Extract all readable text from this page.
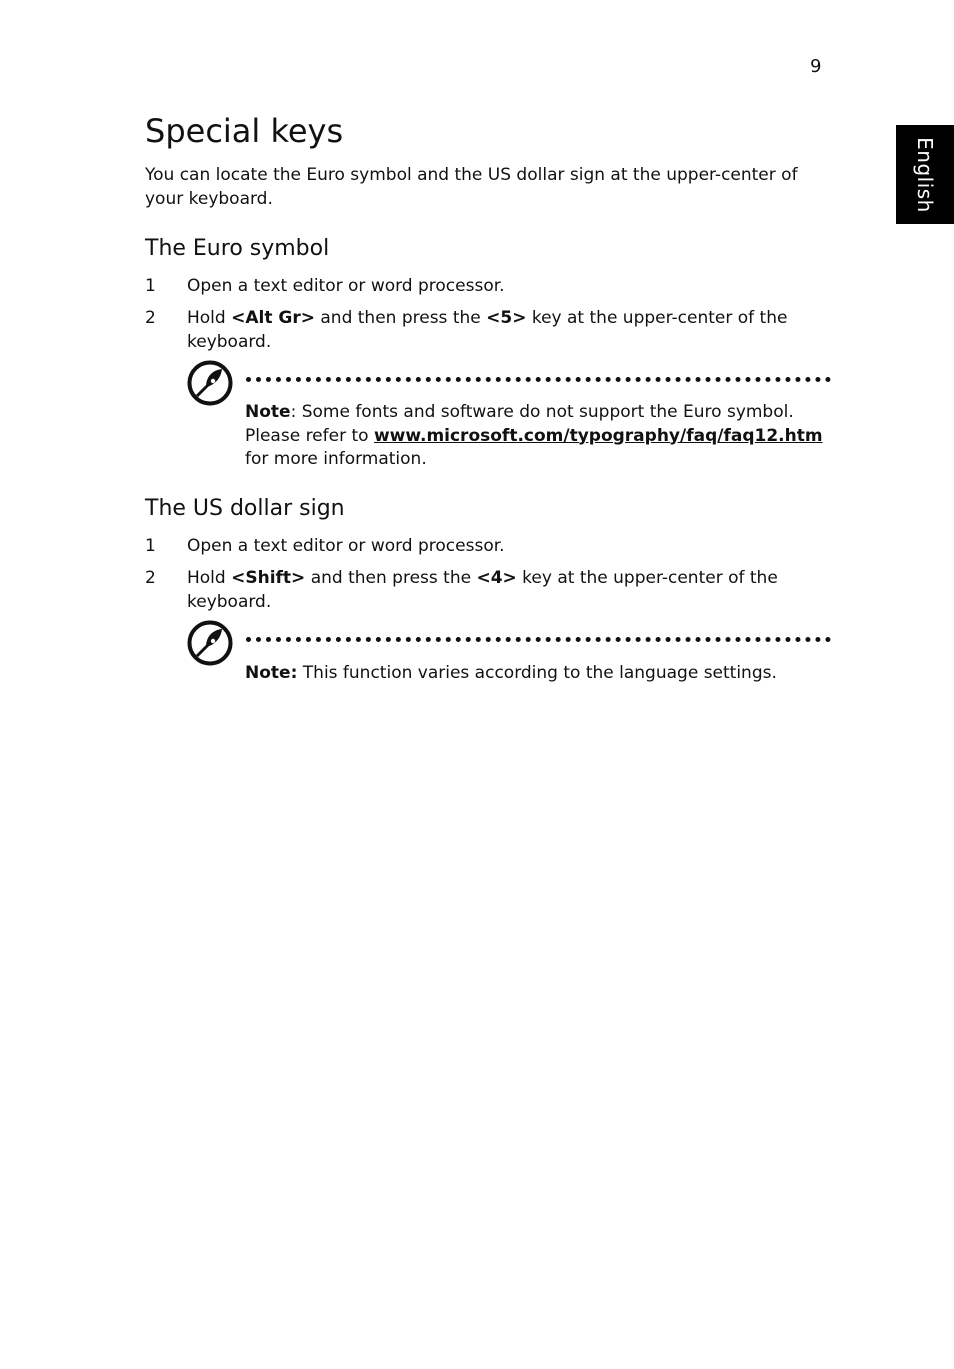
9
English
Special keys

You can locate the Euro symbol and the US dollar sign at the upper-center of your keyboard.

The Euro symbol
1 Open a text editor or word processor.
2 Hold <Alt Gr> and then press the <5> key at the upper-center of the keyboard.
Note: Some fonts and software do not support the Euro symbol. Please refer to www.microsoft.com/typography/faq/faq12.htm for more information.
The US dollar sign
1 Open a text editor or word processor.
2 Hold <Shift> and then press the <4> key at the upper-center of the keyboard.
Note: This function varies according to the language settings.
